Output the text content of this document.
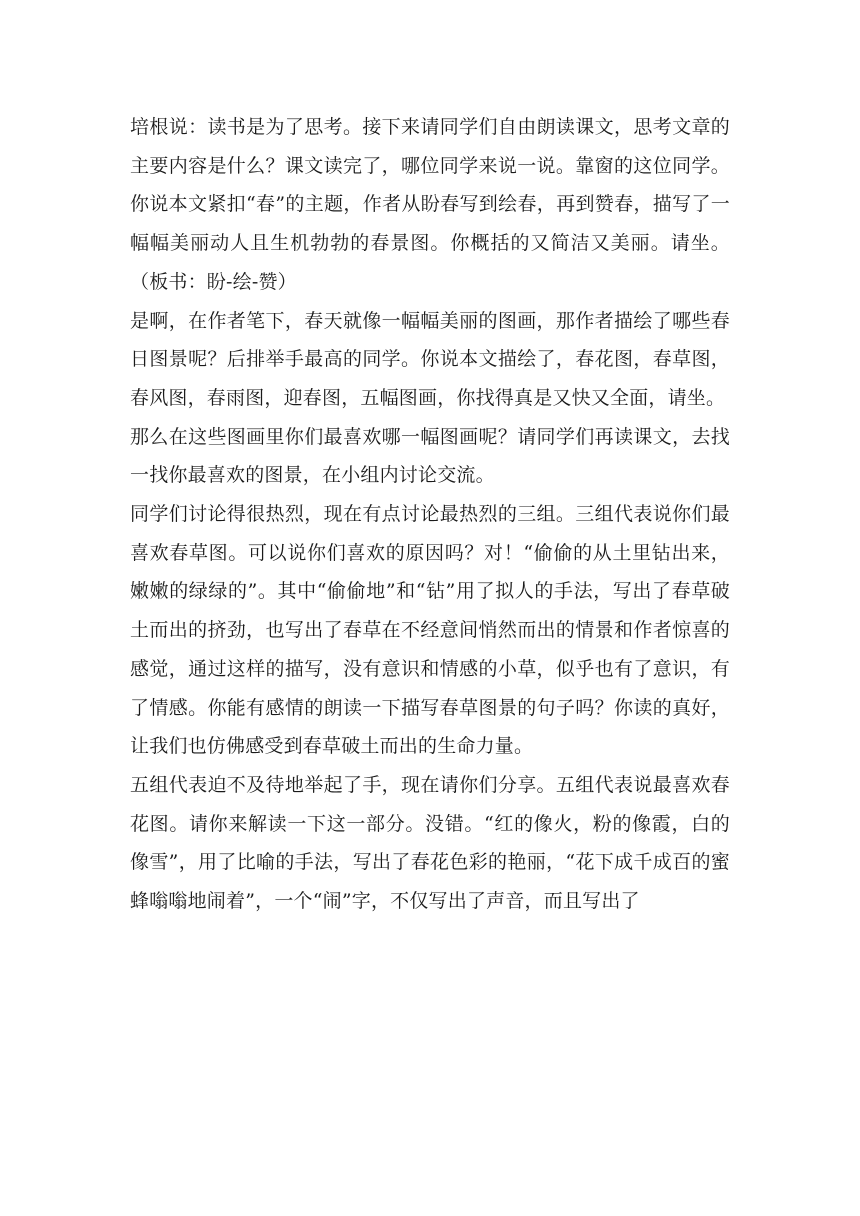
培根说：读书是为了思考。接下来请同学们自由朗读课文，思考文章的主要内容是什么？课文读完了，哪位同学来说一说。靠窗的这位同学。你说本文紧扣“春”的主题，作者从盼春写到绘春，再到赞春，描写了一幅幅美丽动人且生机勃勃的春景图。你概括的又简洁又美丽。请坐。（板书：盼-绘-赞）

是啊，在作者笔下，春天就像一幅幅美丽的图画，那作者描绘了哪些春日图景呢？后排举手最高的同学。你说本文描绘了，春花图，春草图，春风图，春雨图，迎春图，五幅图画，你找得真是又快又全面，请坐。

那么在这些图画里你们最喜欢哪一幅图画呢？请同学们再读课文，去找一找你最喜欢的图景，在小组内讨论交流。

同学们讨论得很热烈，现在有点讨论最热烈的三组。三组代表说你们最喜欢春草图。可以说你们喜欢的原因吗？对！“偷偷的从土里钻出来，嫩嫩的绿绿的”。其中“偷偷地”和“钻”用了拟人的手法，写出了春草破土而出的挤劲，也写出了春草在不经意间悄然而出的情景和作者惊喜的感觉，通过这样的描写，没有意识和情感的小草，似乎也有了意识，有了情感。你能有感情的朗读一下描写春草图景的句子吗？你读的真好，让我们也仿佛感受到春草破土而出的生命力量。

五组代表迫不及待地举起了手，现在请你们分享。五组代表说最喜欢春花图。请你来解读一下这一部分。没错。“红的像火，粉的像霞，白的像雪”，用了比喻的手法，写出了春花色彩的艳丽，“花下成千成百的蜜蜂嗡嗡地闹着”，一个“闹”字，不仅写出了声音，而且写出了
